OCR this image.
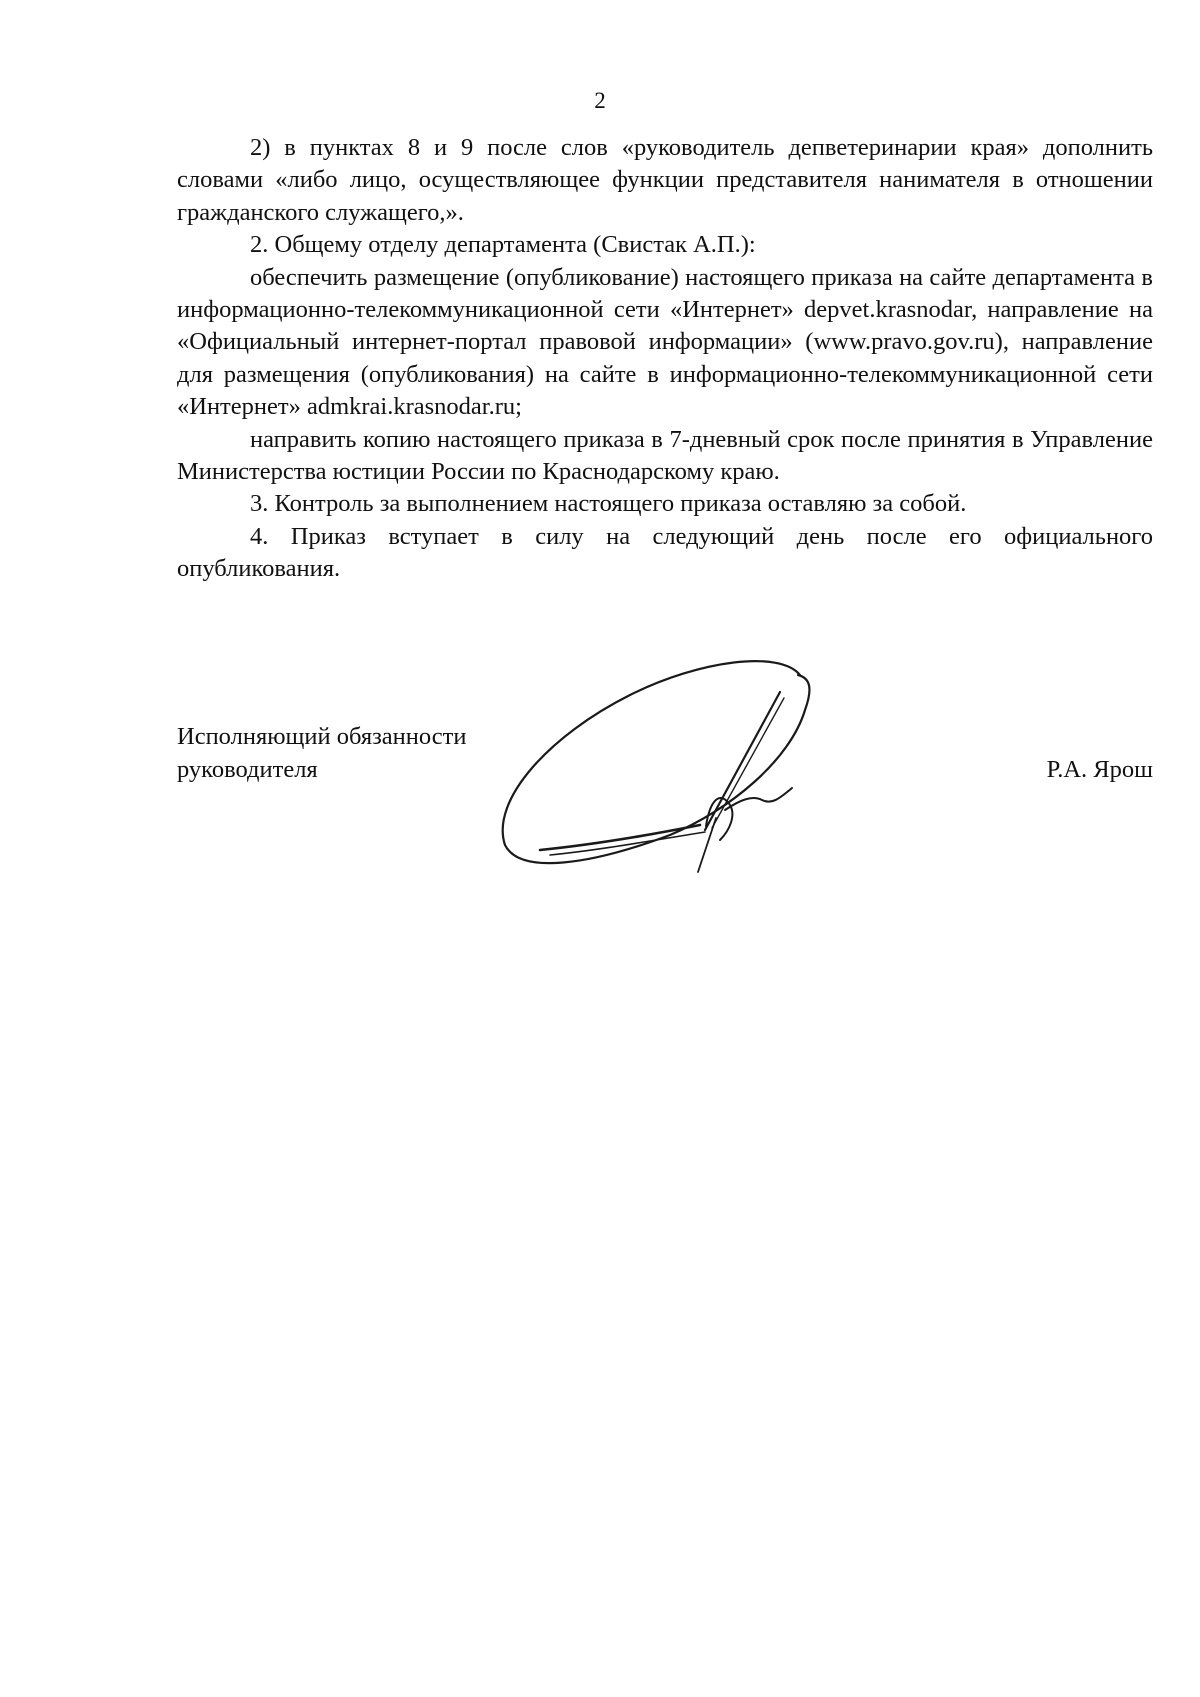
2

2) в пунктах 8 и 9 после слов «руководитель депветеринарии края» дополнить словами «либо лицо, осуществляющее функции представителя нанимателя в отношении гражданского служащего,».

2. Общему отделу департамента (Свистак А.П.):

обеспечить размещение (опубликование) настоящего приказа на сайте департамента в информационно-телекоммуникационной сети «Интернет» depvet.krasnodar, направление на «Официальный интернет-портал правовой информации» (www.pravo.gov.ru), направление для размещения (опубликования) на сайте в информационно-телекоммуникационной сети «Интернет» admkrai.krasnodar.ru;

направить копию настоящего приказа в 7-дневный срок после принятия в Управление Министерства юстиции России по Краснодарскому краю.

3. Контроль за выполнением настоящего приказа оставляю за собой.

4. Приказ вступает в силу на следующий день после его официального опубликования.

Исполняющий обязанности
руководителя	Р.А. Ярош
